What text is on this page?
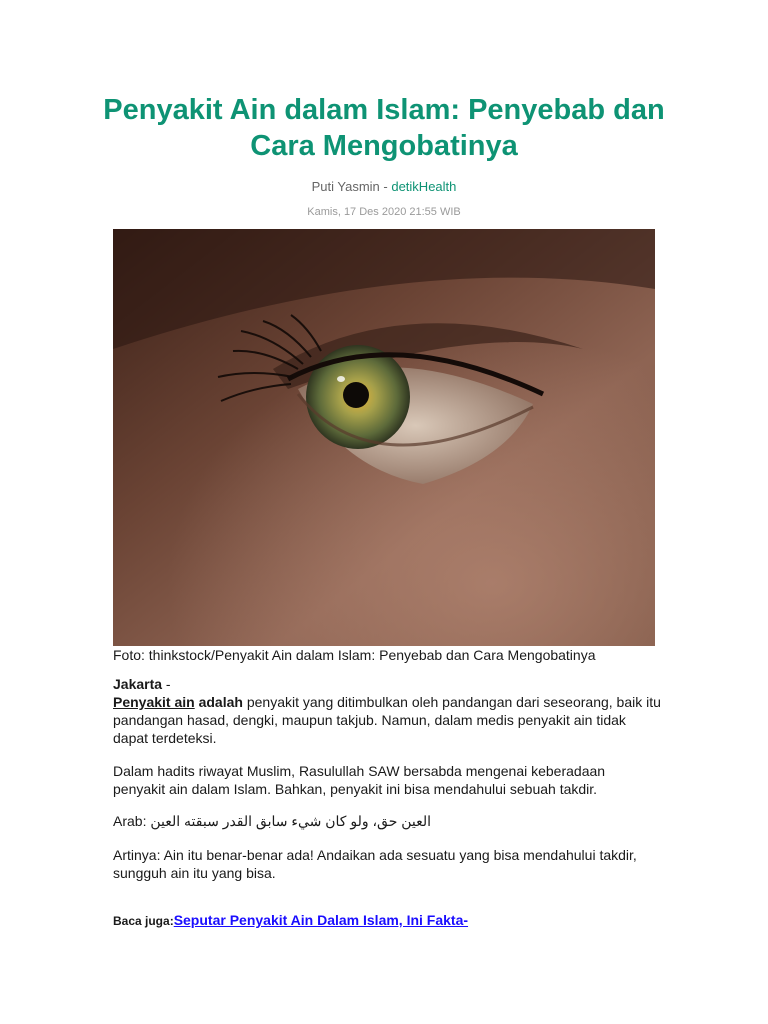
Penyakit Ain dalam Islam: Penyebab dan Cara Mengobatinya
Puti Yasmin - detikHealth
Kamis, 17 Des 2020 21:55 WIB
Foto: thinkstock/Penyakit Ain dalam Islam: Penyebab dan Cara Mengobatinya
Jakarta -
Penyakit ain adalah penyakit yang ditimbulkan oleh pandangan dari seseorang, baik itu pandangan hasad, dengki, maupun takjub. Namun, dalam medis penyakit ain tidak dapat terdeteksi.
Dalam hadits riwayat Muslim, Rasulullah SAW bersabda mengenai keberadaan penyakit ain dalam Islam. Bahkan, penyakit ini bisa mendahului sebuah takdir.
Arab: العين حق، ولو كان شيء سابق القدر سبقته العين
Artinya: Ain itu benar-benar ada! Andaikan ada sesuatu yang bisa mendahului takdir, sungguh ain itu yang bisa.
Baca juga:Seputar Penyakit Ain Dalam Islam, Ini Fakta-
